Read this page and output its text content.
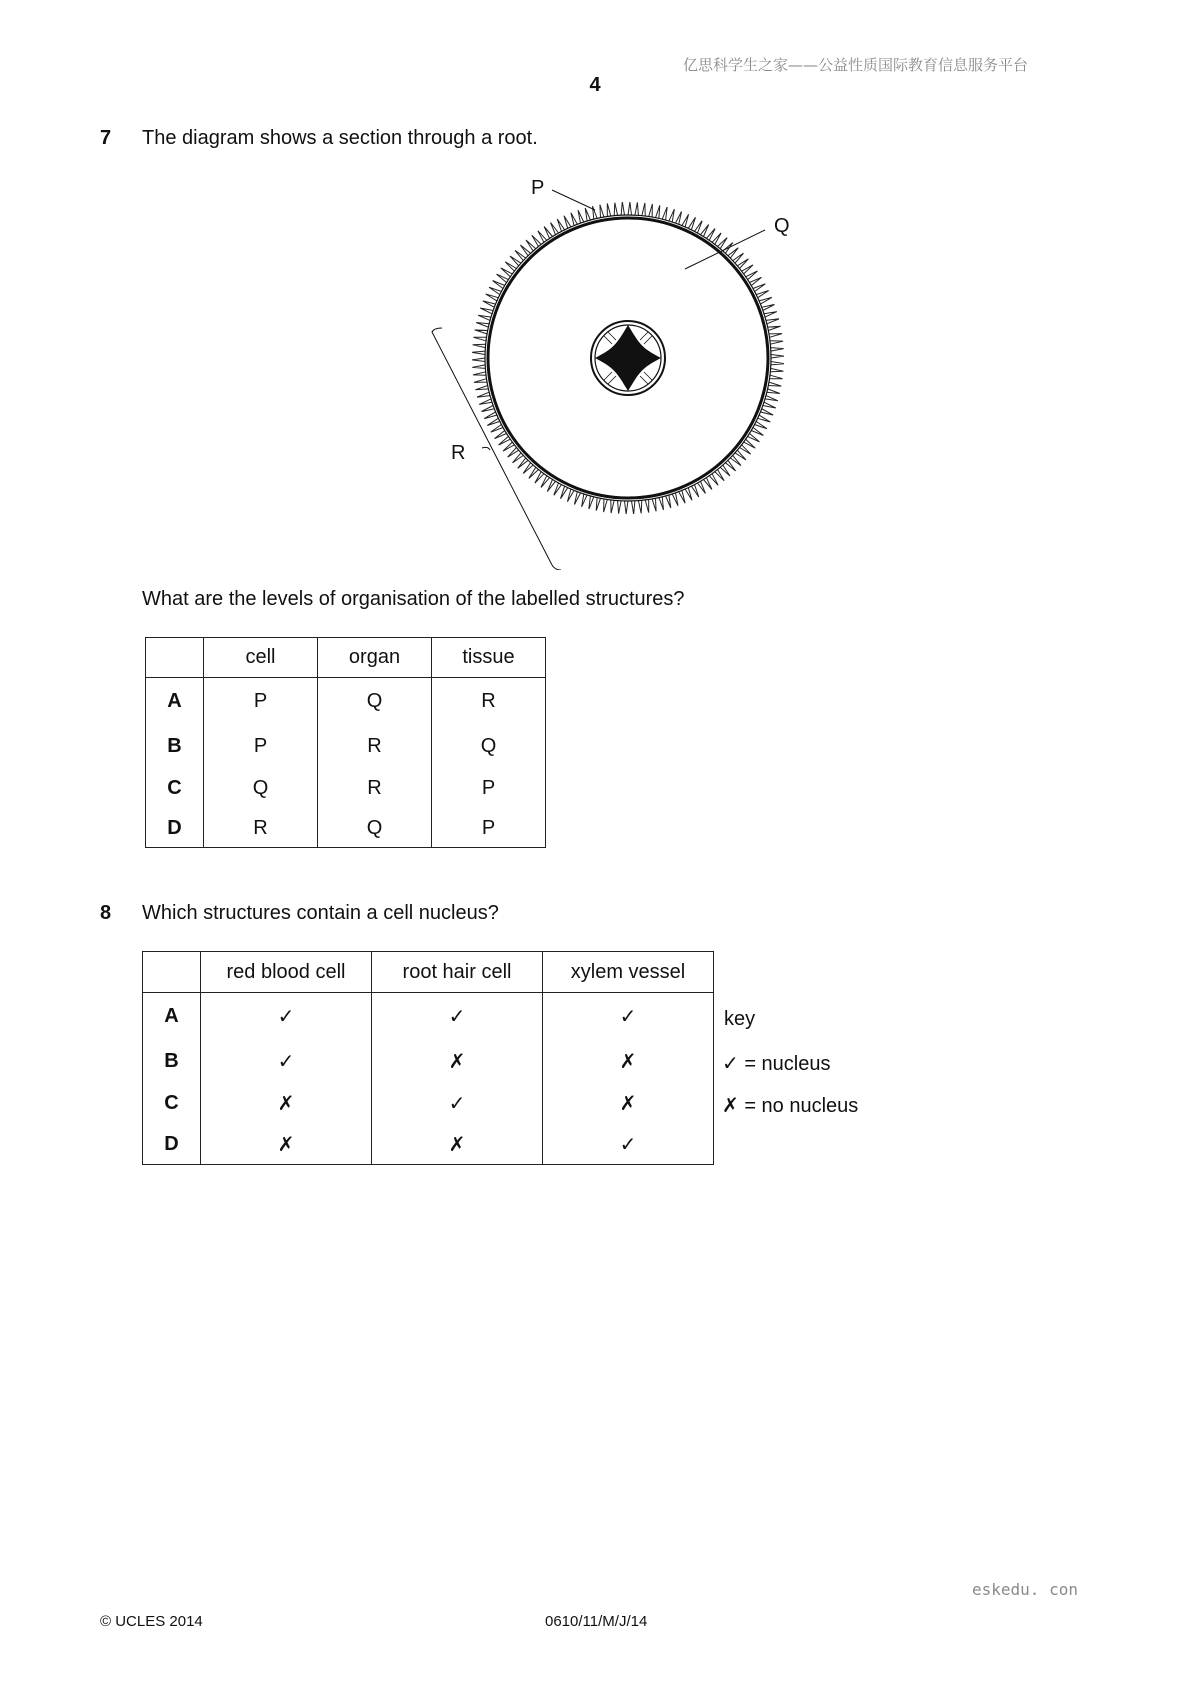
亿思科学生之家——公益性质国际教育信息服务平台
4
7 The diagram shows a section through a root.
P
Q
R
What are the levels of organisation of the labelled structures?
	cell	organ	tissue
A	P	Q	R
B	P	R	Q
C	Q	R	P
D	R	Q	P
8 Which structures contain a cell nucleus?
	red blood cell	root hair cell	xylem vessel
A	✓	✓	✓
B	✓	✗	✗
C	✗	✓	✗
D	✗	✗	✓
key
✓ = nucleus
✗ = no nucleus
eskedu. con
© UCLES 2014	0610/11/M/J/14
